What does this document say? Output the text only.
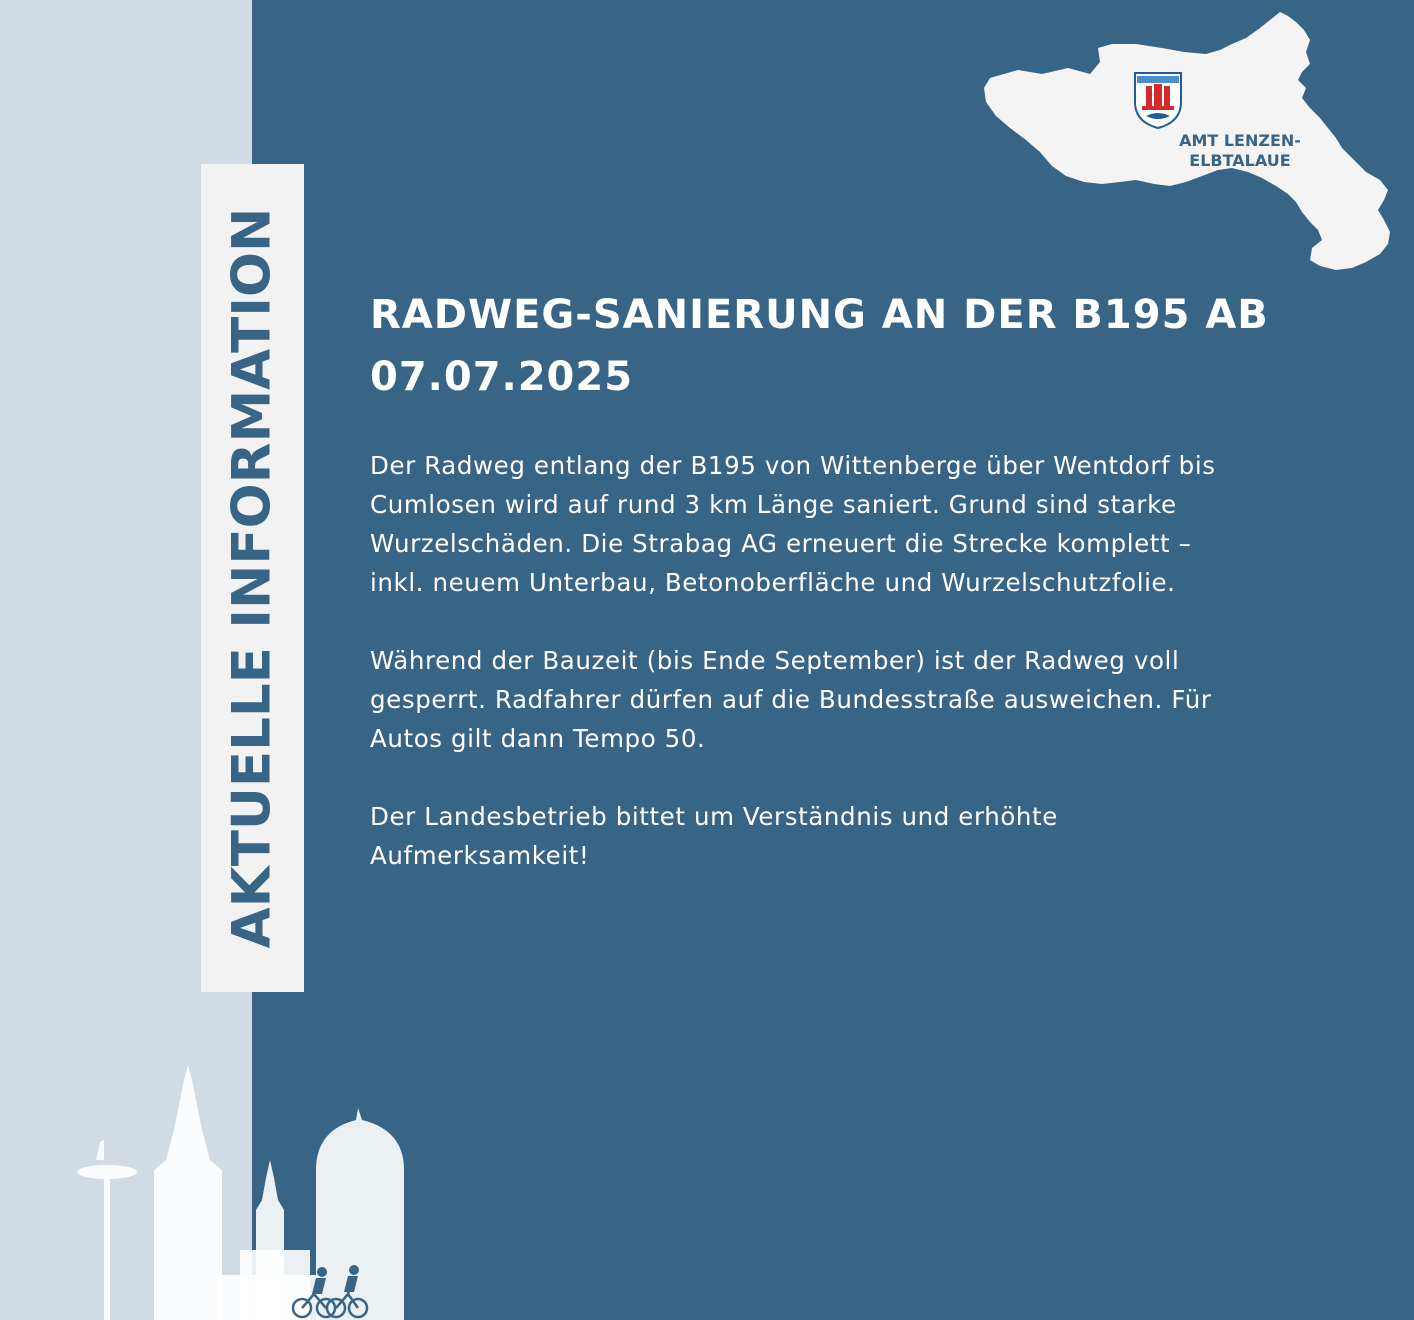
AKTUELLE INFORMATION
AMT LENZEN-
ELBTALAUE
RADWEG-SANIERUNG AN DER B195 AB
07.07.2025

Der Radweg entlang der B195 von Wittenberge über Wentdorf bis
Cumlosen wird auf rund 3 km Länge saniert. Grund sind starke
Wurzelschäden. Die Strabag AG erneuert die Strecke komplett –
inkl. neuem Unterbau, Betonoberfläche und Wurzelschutzfolie.

Während der Bauzeit (bis Ende September) ist der Radweg voll
gesperrt. Radfahrer dürfen auf die Bundesstraße ausweichen. Für
Autos gilt dann Tempo 50.

Der Landesbetrieb bittet um Verständnis und erhöhte
Aufmerksamkeit!
